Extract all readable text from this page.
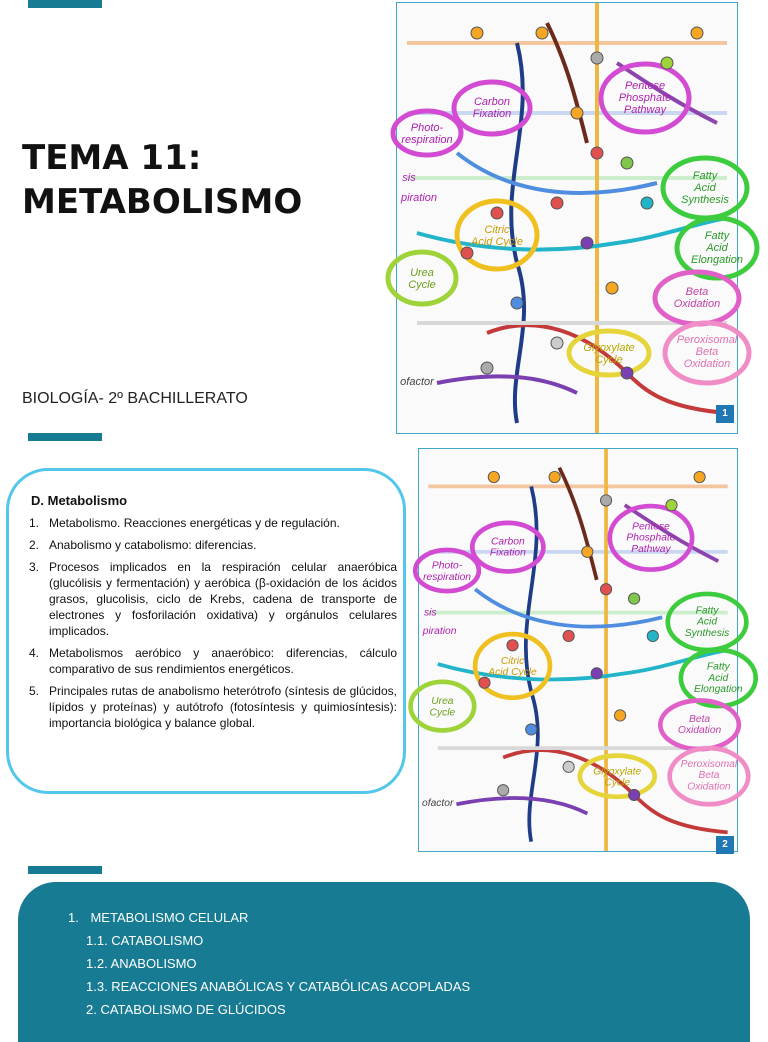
TEMA 11:
METABOLISMO
BIOLOGÍA- 2º BACHILLERATO
Photo-
respiration
Carbon
Fixation
Pentose
Phosphate
Pathway
Fatty
Acid
Synthesis
Fatty
Acid
Elongation
Citric
Acid Cycle
Urea
Cycle
Beta
Oxidation
Glyoxylate
Cycle
Peroxisomal
Beta
Oxidation
sis
piration
ofactor
1
D. Metabolismo
1. Metabolismo. Reacciones energéticas y de regulación.
2. Anabolismo y catabolismo: diferencias.
3. Procesos implicados en la respiración celular anaeróbica (glucólisis y fermentación) y aeróbica (β-oxidación de los ácidos grasos, glucolisis, ciclo de Krebs, cadena de transporte de electrones y fosforilación oxidativa) y orgánulos celulares implicados.
4. Metabolismos aeróbico y anaeróbico: diferencias, cálculo comparativo de sus rendimientos energéticos.
5. Principales rutas de anabolismo heterótrofo (síntesis de glúcidos, lípidos y proteínas) y autótrofo (fotosíntesis y quimiosíntesis): importancia biológica y balance global.
Photo-
respiration
Carbon
Fixation
Pentose
Phosphate
Pathway
Fatty
Acid
Synthesis
Fatty
Acid
Elongation
Citric
Acid Cycle
Urea
Cycle
Beta
Oxidation
Glyoxylate
Cycle
Peroxisomal
Beta
Oxidation
sis
piration
ofactor
2
1. METABOLISMO CELULAR
1.1. CATABOLISMO
1.2. ANABOLISMO
1.3. REACCIONES ANABÓLICAS Y CATABÓLICAS ACOPLADAS
2. CATABOLISMO DE GLÚCIDOS
